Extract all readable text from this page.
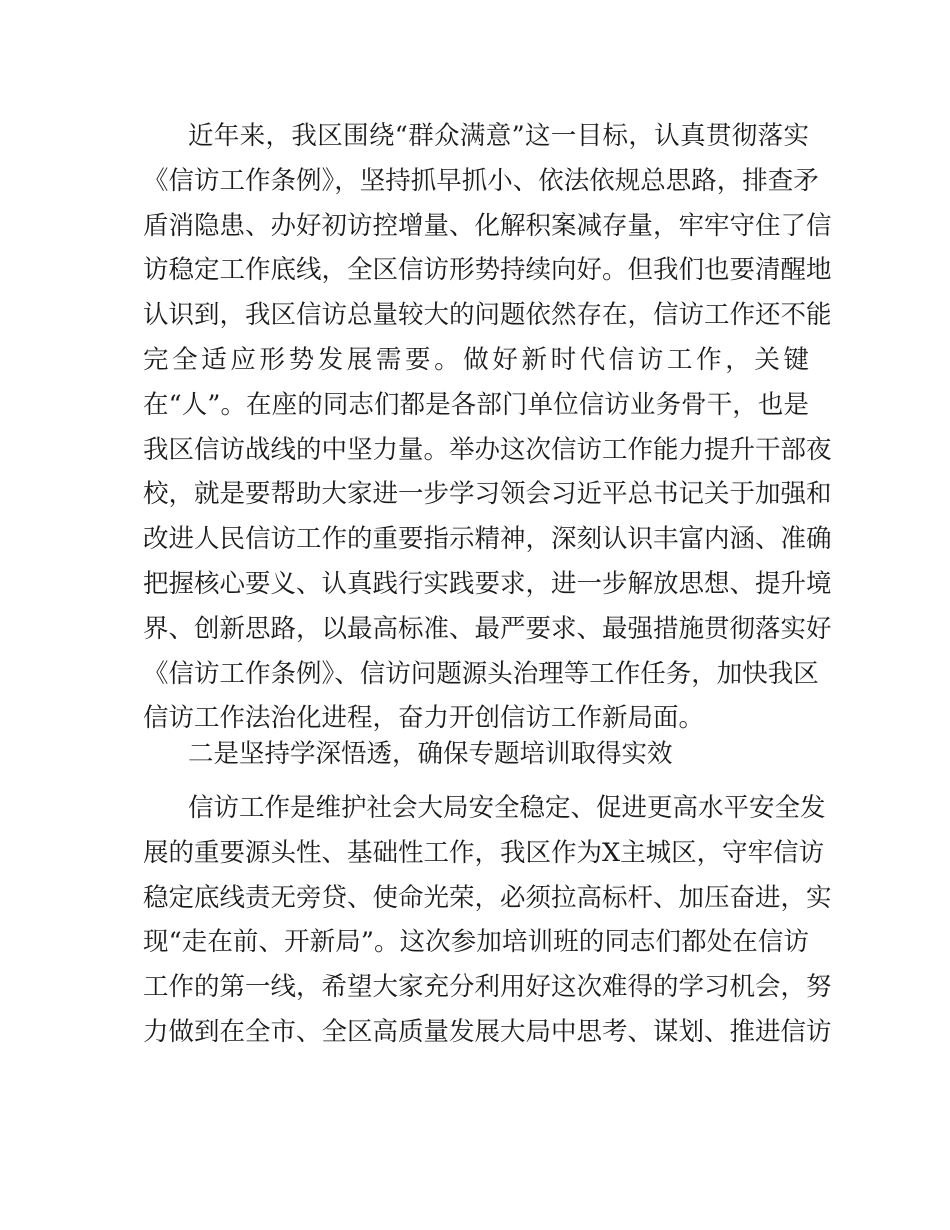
近年来，我区围绕“群众满意”这一目标，认真贯彻落实
《信访工作条例》，坚持抓早抓小、依法依规总思路，排查矛
盾消隐患、办好初访控增量、化解积案减存量，牢牢守住了信
访稳定工作底线，全区信访形势持续向好。但我们也要清醒地
认识到，我区信访总量较大的问题依然存在，信访工作还不能
完全适应形势发展需要。做好新时代信访工作，关键
在“人”。在座的同志们都是各部门单位信访业务骨干，也是
我区信访战线的中坚力量。举办这次信访工作能力提升干部夜
校，就是要帮助大家进一步学习领会习近平总书记关于加强和
改进人民信访工作的重要指示精神，深刻认识丰富内涵、准确
把握核心要义、认真践行实践要求，进一步解放思想、提升境
界、创新思路，以最高标准、最严要求、最强措施贯彻落实好
《信访工作条例》、信访问题源头治理等工作任务，加快我区
信访工作法治化进程，奋力开创信访工作新局面。
二是坚持学深悟透，确保专题培训取得实效
信访工作是维护社会大局安全稳定、促进更高水平安全发
展的重要源头性、基础性工作，我区作为X主城区，守牢信访
稳定底线责无旁贷、使命光荣，必须拉高标杆、加压奋进，实
现“走在前、开新局”。这次参加培训班的同志们都处在信访
工作的第一线，希望大家充分利用好这次难得的学习机会，努
力做到在全市、全区高质量发展大局中思考、谋划、推进信访
